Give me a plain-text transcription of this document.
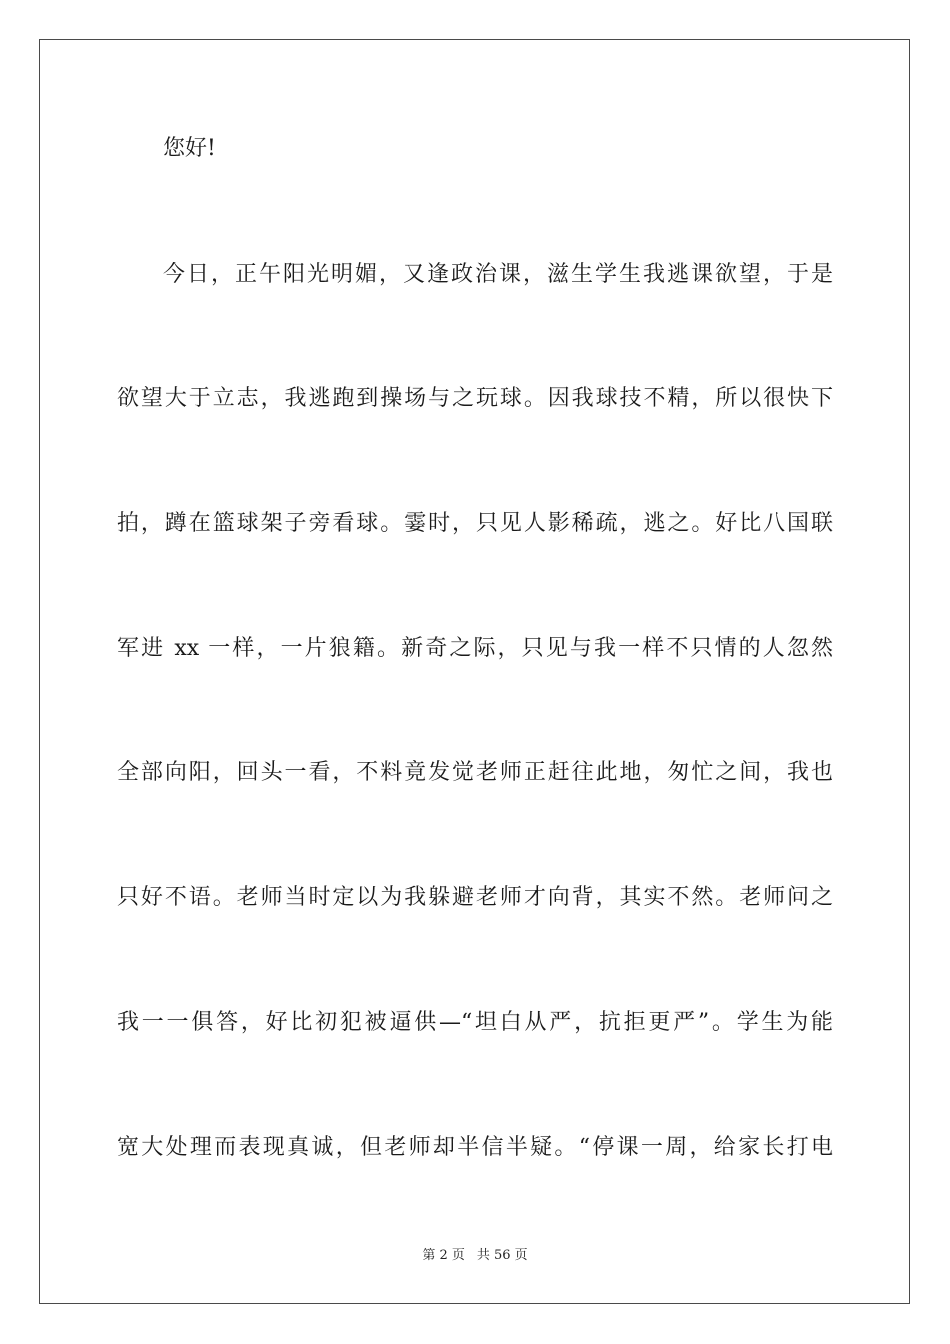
您好!
今日，正午阳光明媚，又逢政治课，滋生学生我逃课欲望，于是
欲望大于立志，我逃跑到操场与之玩球。因我球技不精，所以很快下
拍，蹲在篮球架子旁看球。霎时，只见人影稀疏，逃之。好比八国联
军进 xx 一样，一片狼籍。新奇之际，只见与我一样不只情的人忽然
全部向阳，回头一看，不料竟发觉老师正赶往此地，匆忙之间，我也
只好不语。老师当时定以为我躲避老师才向背，其实不然。老师问之
我一一俱答，好比初犯被逼供—“坦白从严，抗拒更严”。学生为能
宽大处理而表现真诚，但老师却半信半疑。“停课一周，给家长打电
第 2 页 共 56 页
